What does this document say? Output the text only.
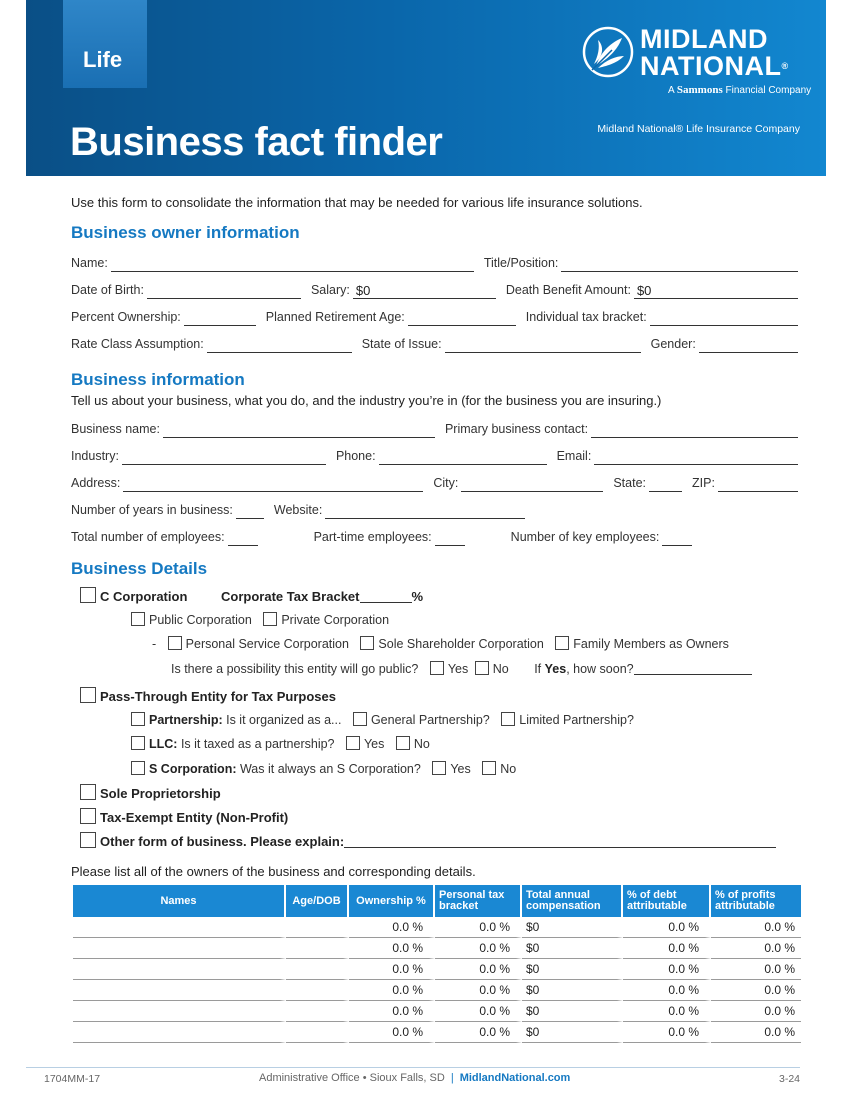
Life
Business fact finder
MIDLAND
NATIONAL®
A Sammons Financial Company
Midland National® Life Insurance Company
Use this form to consolidate the information that may be needed for various life insurance solutions.
Business owner information
Name:	Title/Position:
Date of Birth:	Salary: $0	Death Benefit Amount: $0
Percent Ownership:	Planned Retirement Age:	Individual tax bracket:
Rate Class Assumption:	State of Issue:	Gender:
Business information
Tell us about your business, what you do, and the industry you’re in (for the business you are insuring.)
Business name:	Primary business contact:
Industry:	Phone:	Email:
Address:	City:	State:	ZIP:
Number of years in business:	Website:
Total number of employees:	Part-time employees:	Number of key employees:
Business Details
C Corporation	Corporate Tax Bracket	%
Public Corporation Private Corporation
- Personal Service Corporation Sole Shareholder Corporation Family Members as Owners
Is there a possibility this entity will go public? Yes No If Yes, how soon?
Pass-Through Entity for Tax Purposes
Partnership: Is it organized as a... General Partnership? Limited Partnership?
LLC: Is it taxed as a partnership? Yes No
S Corporation: Was it always an S Corporation? Yes No
Sole Proprietorship
Tax-Exempt Entity (Non-Profit)
Other form of business. Please explain:
Please list all of the owners of the business and corresponding details.
Names	Age/DOB	Ownership %	Personal tax bracket	Total annual compensation	% of debt attributable	% of profits attributable
		0.0 %	0.0 %	$0	0.0 %	0.0 %
		0.0 %	0.0 %	$0	0.0 %	0.0 %
		0.0 %	0.0 %	$0	0.0 %	0.0 %
		0.0 %	0.0 %	$0	0.0 %	0.0 %
		0.0 %	0.0 %	$0	0.0 %	0.0 %
		0.0 %	0.0 %	$0	0.0 %	0.0 %
1704MM-17	Administrative Office • Sioux Falls, SD | MidlandNational.com	3-24
